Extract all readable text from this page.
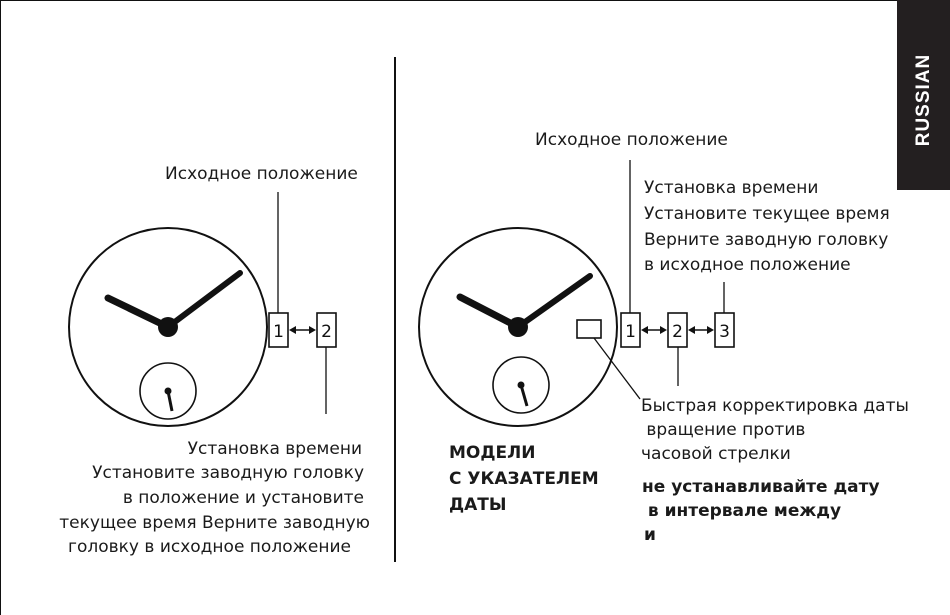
RUSSIAN
1 2	1 2 3
Исходное положение
Установка времени
Установите заводную головку
в положение и установите
текущее время Верните заводную
головку в исходное положение
Исходное положение
Установка времени
Установите текущее время
Верните заводную головку
в исходное положение
Быстрая корректировка даты
вращение против
часовой стрелки
МОДЕЛИ
С УКАЗАТЕЛЕМ
ДАТЫ
не устанавливайте дату
в интервале между
и
